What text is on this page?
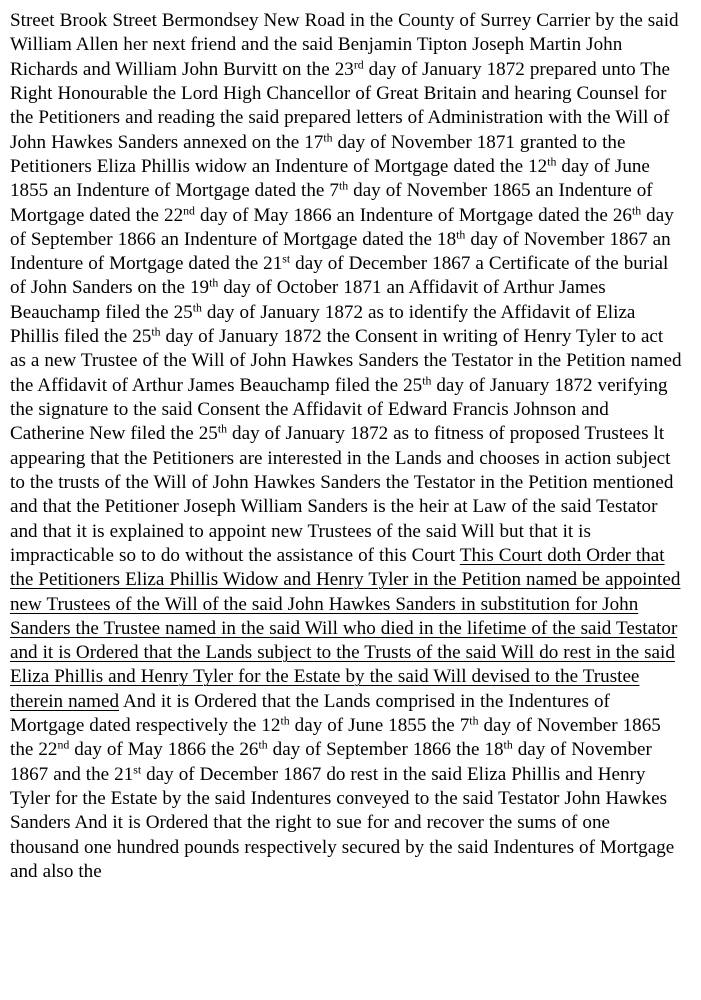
Street Brook Street Bermondsey New Road in the County of Surrey Carrier by the said William Allen her next friend and the said Benjamin Tipton Joseph Martin John Richards and William John Burvitt on the 23rd day of January 1872 prepared unto The Right Honourable the Lord High Chancellor of Great Britain and hearing Counsel for the Petitioners and reading the said prepared letters of Administration with the Will of John Hawkes Sanders annexed on the 17th day of November 1871 granted to the Petitioners Eliza Phillis widow an Indenture of Mortgage dated the 12th day of June 1855 an Indenture of Mortgage dated the 7th day of November 1865 an Indenture of Mortgage dated the 22nd day of May 1866 an Indenture of Mortgage dated the 26th day of September 1866 an Indenture of Mortgage dated the 18th day of November 1867 an Indenture of Mortgage dated the 21st day of December 1867 a Certificate of the burial of John Sanders on the 19th day of October 1871 an Affidavit of Arthur James Beauchamp filed the 25th day of January 1872 as to identify the Affidavit of Eliza Phillis filed the 25th day of January 1872 the Consent in writing of Henry Tyler to act as a new Trustee of the Will of John Hawkes Sanders the Testator in the Petition named the Affidavit of Arthur James Beauchamp filed the 25th day of January 1872 verifying the signature to the said Consent the Affidavit of Edward Francis Johnson and Catherine New filed the 25th day of January 1872 as to fitness of proposed Trustees lt appearing that the Petitioners are interested in the Lands and chooses in action subject to the trusts of the Will of John Hawkes Sanders the Testator in the Petition mentioned and that the Petitioner Joseph William Sanders is the heir at Law of the said Testator and that it is explained to appoint new Trustees of the said Will but that it is impracticable so to do without the assistance of this Court This Court doth Order that the Petitioners Eliza Phillis Widow and Henry Tyler in the Petition named be appointed new Trustees of the Will of the said John Hawkes Sanders in substitution for John Sanders the Trustee named in the said Will who died in the lifetime of the said Testator and it is Ordered that the Lands subject to the Trusts of the said Will do rest in the said Eliza Phillis and Henry Tyler for the Estate by the said Will devised to the Trustee therein named And it is Ordered that the Lands comprised in the Indentures of Mortgage dated respectively the 12th day of June 1855 the 7th day of November 1865 the 22nd day of May 1866 the 26th day of September 1866 the 18th day of November 1867 and the 21st day of December 1867 do rest in the said Eliza Phillis and Henry Tyler for the Estate by the said Indentures conveyed to the said Testator John Hawkes Sanders And it is Ordered that the right to sue for and recover the sums of one thousand one hundred pounds respectively secured by the said Indentures of Mortgage and also the
